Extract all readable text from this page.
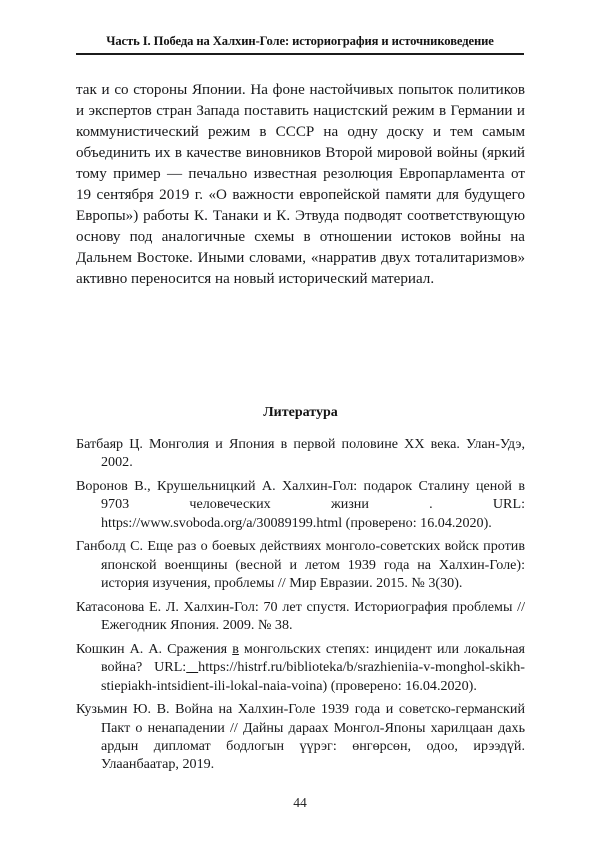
Часть I. Победа на Халхин-Голе: историография и источниковедение

так и со стороны Японии. На фоне настойчивых попыток политиков и экспертов стран Запада поставить нацистский режим в Германии и коммунистический режим в СССР на одну доску и тем самым объединить их в качестве виновников Второй мировой войны (яркий тому пример — печально известная резолюция Европарламента от 19 сентября 2019 г. «О важности европейской памяти для будущего Европы») работы К. Танаки и К. Этвуда подводят соответствующую основу под аналогичные схемы в отношении истоков войны на Дальнем Востоке. Иными словами, «нарратив двух тоталитаризмов» активно переносится на новый исторический материал.

Литература

Батбаяр Ц. Монголия и Япония в первой половине XX века. Улан-Удэ, 2002.

Воронов В., Крушельницкий А. Халхин-Гол: подарок Сталину ценой в 9703 человеческих жизни . URL: https://www.svoboda.org/a/30089199.html (проверено: 16.04.2020).

Ганболд С. Еще раз о боевых действиях монголо-советских войск против японской военщины (весной и летом 1939 года на Халхин-Голе): история изучения, проблемы // Мир Евразии. 2015. № 3(30).

Катасонова Е. Л. Халхин-Гол: 70 лет спустя. Историография проблемы // Ежегодник Япония. 2009. № 38.

Кошкин А. А. Сражения в монгольских степях: инцидент или локальная война? URL: https://histrf.ru/biblioteka/b/srazhieniia-v-monghol-skikh-stiepiakh-intsidient-ili-lokal-naia-voina) (проверено: 16.04.2020).

Кузьмин Ю. В. Война на Халхин-Голе 1939 года и советско-германский Пакт о ненападении // Дайны дараах Монгол-Японы харилцаан дахь ардын дипломат бодлогын үүрэг: өнгөрсөн, одоо, ирээдүй. Улаанбаатар, 2019.

44
